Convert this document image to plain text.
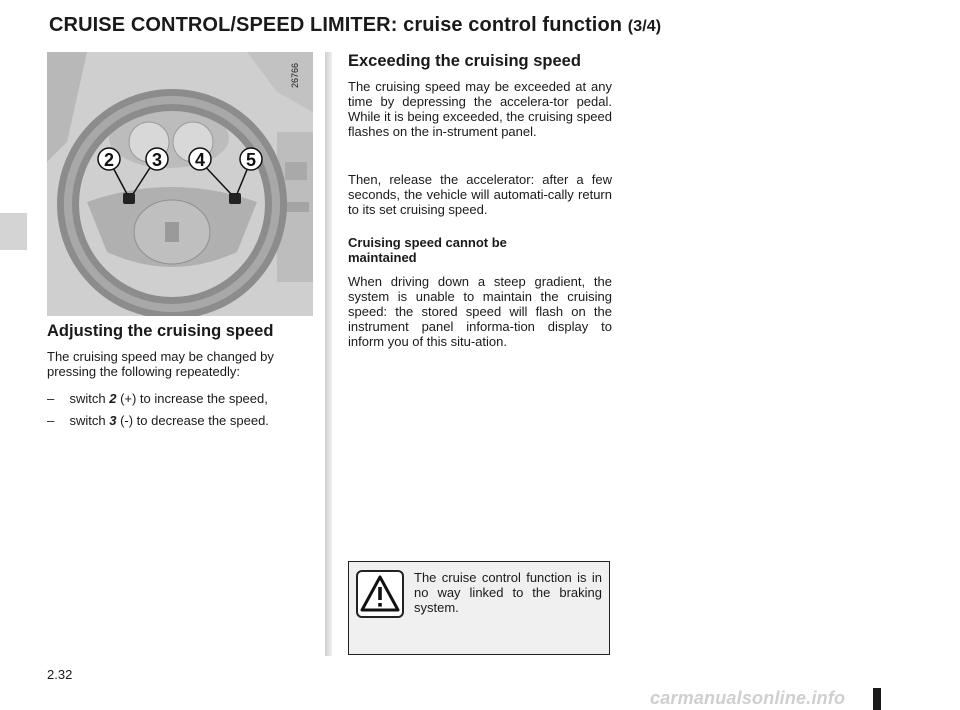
CRUISE CONTROL/SPEED LIMITER: cruise control function (3/4)
2 3 4 5
26766
Adjusting the cruising speed
The cruising speed may be changed by pressing the following repeatedly:
– switch 2 (+) to increase the speed,
– switch 3 (-) to decrease the speed.
Exceeding the cruising speed
The cruising speed may be exceeded at any time by depressing the accelera-tor pedal. While it is being exceeded, the cruising speed flashes on the in-strument panel.
Then, release the accelerator: after a few seconds, the vehicle will automati-cally return to its set cruising speed.
Cruising speed cannot be maintained
When driving down a steep gradient, the system is unable to maintain the cruising speed: the stored speed will flash on the instrument panel informa-tion display to inform you of this situ-ation.
The cruise control function is in no way linked to the braking system.
2.32
carmanualsonline.info
